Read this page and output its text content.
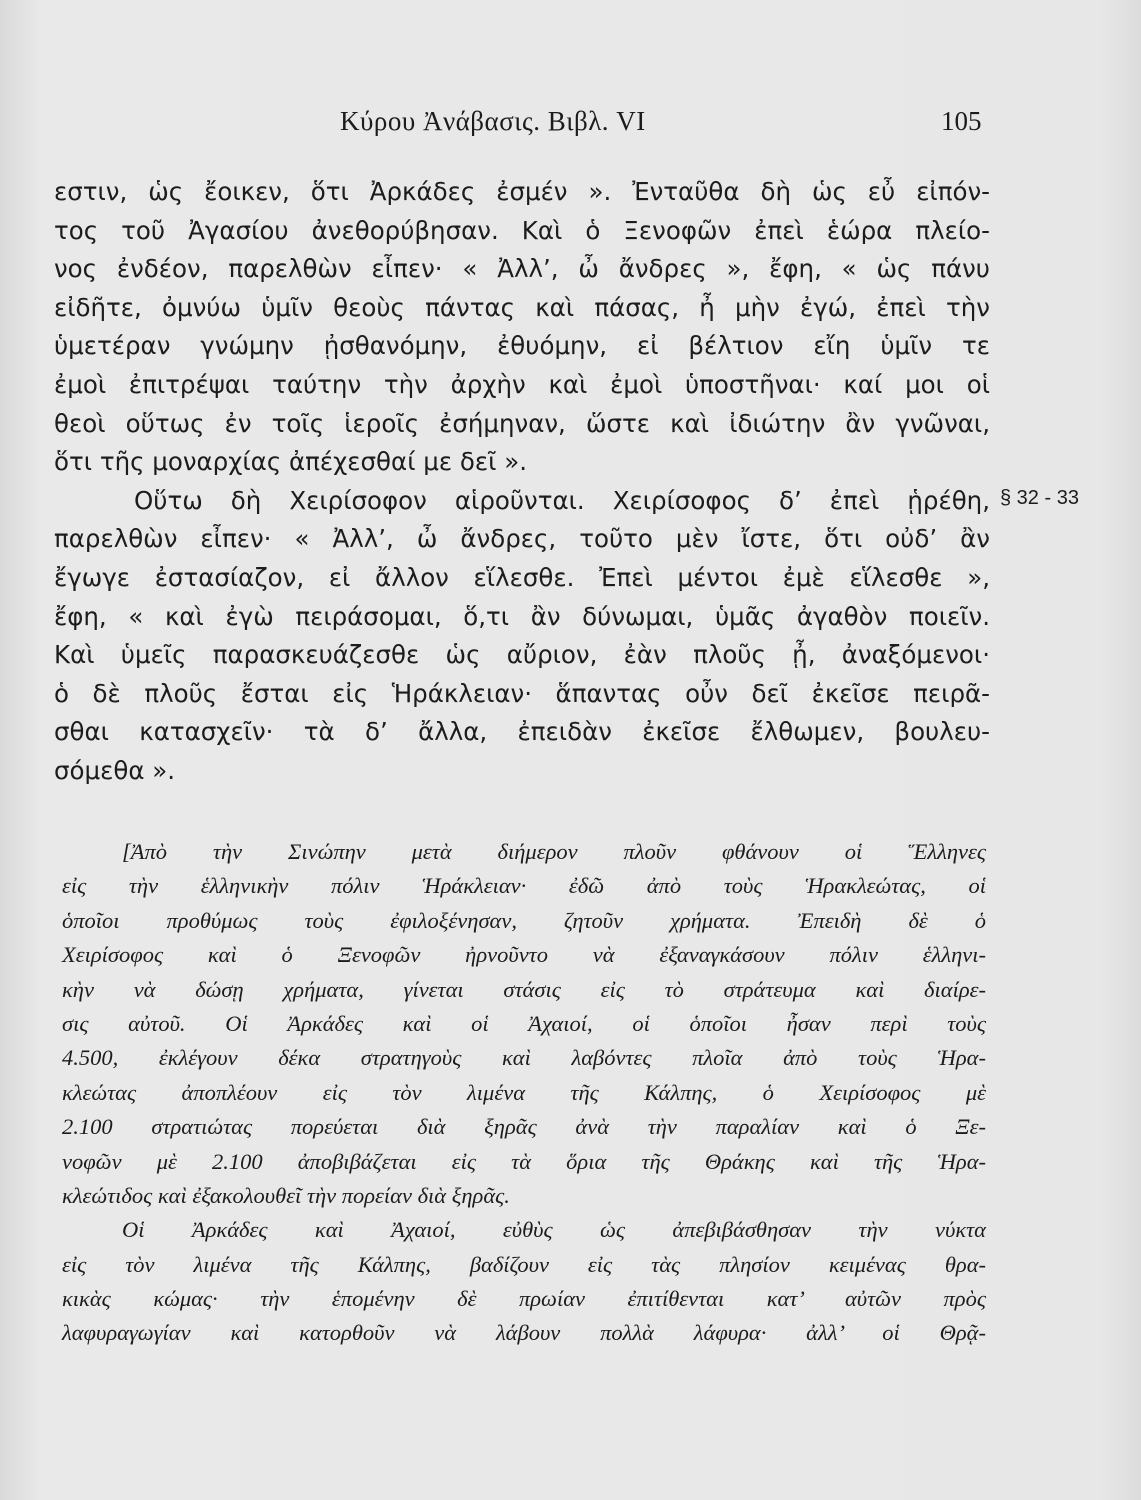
Κύρου Ἀνάβασις. Βιβλ. VI	105
εστιν, ὡς ἔοικεν, ὅτι Ἀρκάδες ἐσμέν ». Ἐνταῦθα δὴ ὡς εὖ εἰπόν-
τος τοῦ Ἀγασίου ἀνεθορύβησαν. Καὶ ὁ Ξενοφῶν ἐπεὶ ἑώρα πλείο-
νος ἐνδέον, παρελθὼν εἶπεν· « Ἀλλ’, ὦ ἄνδρες », ἔφη, « ὡς πάνυ
εἰδῆτε, ὀμνύω ὑμῖν θεοὺς πάντας καὶ πάσας, ἦ μὴν ἐγώ, ἐπεὶ τὴν
ὑμετέραν γνώμην ᾐσθανόμην, ἐθυόμην, εἰ βέλτιον εἴη ὑμῖν τε
ἐμοὶ ἐπιτρέψαι ταύτην τὴν ἀρχὴν καὶ ἐμοὶ ὑποστῆναι· καί μοι οἱ
θεοὶ οὕτως ἐν τοῖς ἱεροῖς ἐσήμηναν, ὥστε καὶ ἰδιώτην ἂν γνῶναι,
ὅτι τῆς μοναρχίας ἀπέχεσθαί με δεῖ ».
Οὕτω δὴ Χειρίσοφον αἱροῦνται. Χειρίσοφος δ’ ἐπεὶ ᾑρέθη,
παρελθὼν εἶπεν· « Ἀλλ’, ὦ ἄνδρες, τοῦτο μὲν ἴστε, ὅτι οὐδ’ ἂν
ἔγωγε ἐστασίαζον, εἰ ἄλλον εἵλεσθε. Ἐπεὶ μέντοι ἐμὲ εἵλεσθε »,
ἔφη, « καὶ ἐγὼ πειράσομαι, ὅ,τι ἂν δύνωμαι, ὑμᾶς ἀγαθὸν ποιεῖν.
Καὶ ὑμεῖς παρασκευάζεσθε ὡς αὔριον, ἐὰν πλοῦς ᾖ, ἀναξόμενοι·
ὁ δὲ πλοῦς ἔσται εἰς Ἡράκλειαν· ἅπαντας οὖν δεῖ ἐκεῖσε πειρᾶ-
σθαι κατασχεῖν· τὰ δ’ ἄλλα, ἐπειδὰν ἐκεῖσε ἔλθωμεν, βουλευ-
σόμεθα ».
§ 32 - 33
[Ἀπὸ τὴν Σινώπην μετὰ διήμερον πλοῦν φθάνουν οἱ Ἕλληνες
εἰς τὴν ἑλληνικὴν πόλιν Ἡράκλειαν· ἐδῶ ἀπὸ τοὺς Ἡρακλεώτας, οἱ
ὁποῖοι προθύμως τοὺς ἐφιλοξένησαν, ζητοῦν χρήματα. Ἐπειδὴ δὲ ὁ
Χειρίσοφος καὶ ὁ Ξενοφῶν ἠρνοῦντο νὰ ἐξαναγκάσουν πόλιν ἑλληνι-
κὴν νὰ δώσῃ χρήματα, γίνεται στάσις εἰς τὸ στράτευμα καὶ διαίρε-
σις αὐτοῦ. Οἱ Ἀρκάδες καὶ οἱ Ἀχαιοί, οἱ ὁποῖοι ἦσαν περὶ τοὺς
4.500, ἐκλέγουν δέκα στρατηγοὺς καὶ λαβόντες πλοῖα ἀπὸ τοὺς Ἡρα-
κλεώτας ἀποπλέουν εἰς τὸν λιμένα τῆς Κάλπης, ὁ Χειρίσοφος μὲ
2.100 στρατιώτας πορεύεται διὰ ξηρᾶς ἀνὰ τὴν παραλίαν καὶ ὁ Ξε-
νοφῶν μὲ 2.100 ἀποβιβάζεται εἰς τὰ ὅρια τῆς Θράκης καὶ τῆς Ἡρα-
κλεώτιδος καὶ ἐξακολουθεῖ τὴν πορείαν διὰ ξηρᾶς.
Οἱ Ἀρκάδες καὶ Ἀχαιοί, εὐθὺς ὡς ἀπεβιβάσθησαν τὴν νύκτα
εἰς τὸν λιμένα τῆς Κάλπης, βαδίζουν εἰς τὰς πλησίον κειμένας θρα-
κικὰς κώμας· τὴν ἑπομένην δὲ πρωίαν ἐπιτίθενται κατ’ αὐτῶν πρὸς
λαφυραγωγίαν καὶ κατορθοῦν νὰ λάβουν πολλὰ λάφυρα· ἀλλ’ οἱ Θρᾷ-
